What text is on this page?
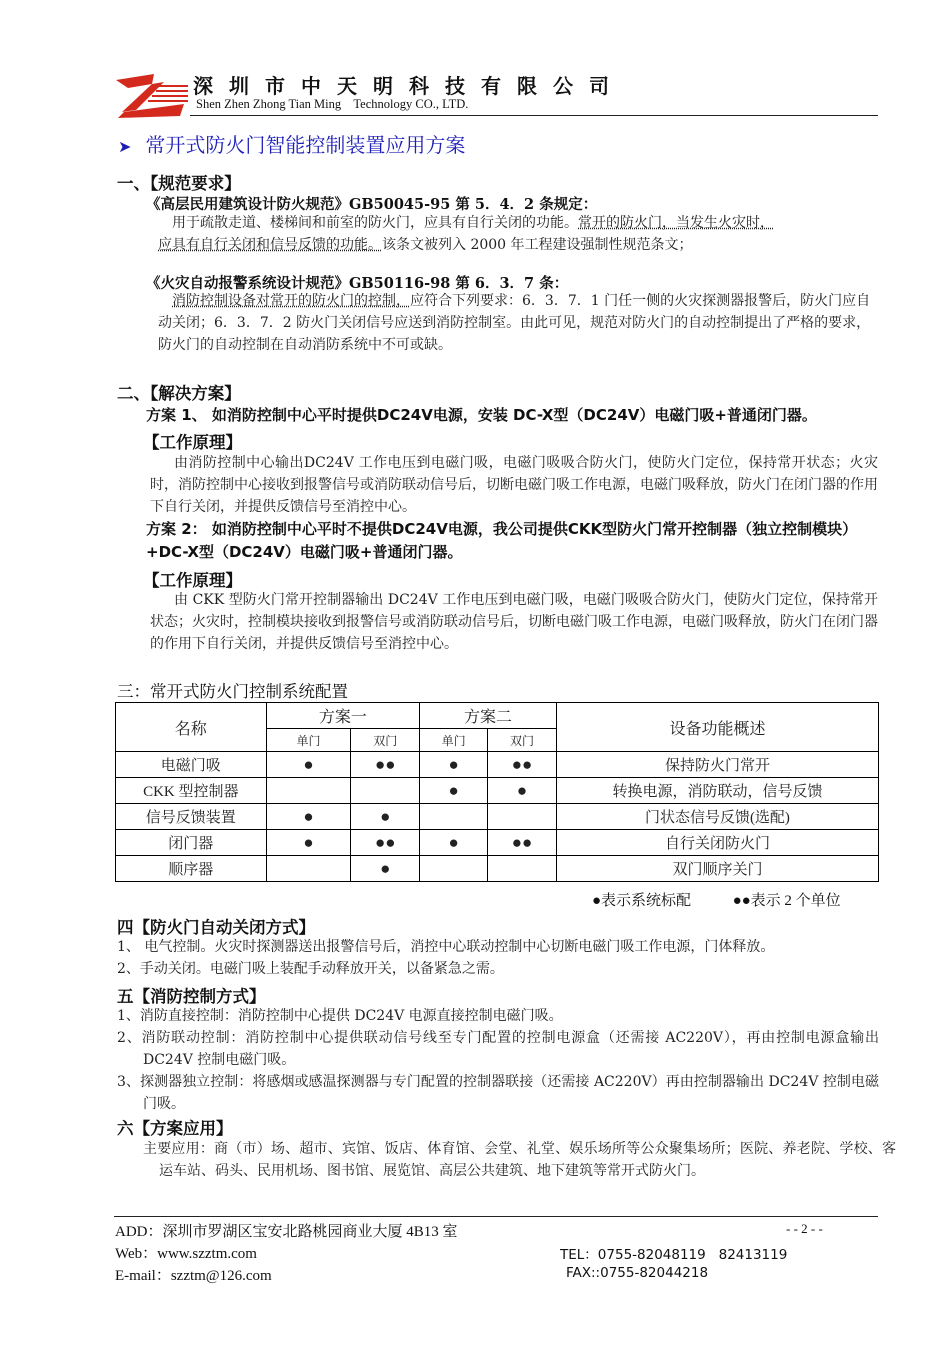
深圳市中天明科技有限公司
Shen Zhen Zhong Tian Ming    Technology CO., LTD.
➤ 常开式防火门智能控制装置应用方案
一、【规范要求】
《高层民用建筑设计防火规范》GB50045-95 第 5．4．2 条规定：
用于疏散走道、楼梯间和前室的防火门，应具有自行关闭的功能。常开的防火门，当发生火灾时，
应具有自行关闭和信号反馈的功能。该条文被列入 2000 年工程建设强制性规范条文；
《火灾自动报警系统设计规范》GB50116-98 第 6．3．7 条：
消防控制设备对常开的防火门的控制，应符合下列要求：6．3．7．1 门任一侧的火灾探测器报警后，防火门应自动关闭；6．3．7．2 防火门关闭信号应送到消防控制室。由此可见，规范对防火门的自动控制提出了严格的要求，防火门的自动控制在自动消防系统中不可或缺。
二、【解决方案】
方案 1、 如消防控制中心平时提供DC24V电源，安装 DC-X型（DC24V）电磁门吸+普通闭门器。
【工作原理】
由消防控制中心输出DC24V 工作电压到电磁门吸，电磁门吸吸合防火门，使防火门定位，保持常开状态；火灾时，消防控制中心接收到报警信号或消防联动信号后，切断电磁门吸工作电源，电磁门吸释放，防火门在闭门器的作用下自行关闭，并提供反馈信号至消控中心。
方案 2： 如消防控制中心平时不提供DC24V电源，我公司提供CKK型防火门常开控制器（独立控制模块）+DC-X型（DC24V）电磁门吸+普通闭门器。
【工作原理】
由 CKK 型防火门常开控制器输出 DC24V 工作电压到电磁门吸，电磁门吸吸合防火门，使防火门定位，保持常开状态；火灾时，控制模块接收到报警信号或消防联动信号后，切断电磁门吸工作电源，电磁门吸释放，防火门在闭门器的作用下自行关闭，并提供反馈信号至消控中心。
三：常开式防火门控制系统配置
名称	方案一		方案二		设备功能概述
	单门	双门	单门	双门	
电磁门吸	●	●●	●	●●	保持防火门常开
CKK 型控制器			●	●	转换电源，消防联动，信号反馈
信号反馈装置	●	●			门状态信号反馈(选配)
闭门器	●	●●	●	●●	自行关闭防火门
顺序器		●			双门顺序关门
●表示系统标配	●●表示 2 个单位
四【防火门自动关闭方式】
1、 电气控制。火灾时探测器送出报警信号后，消控中心联动控制中心切断电磁门吸工作电源，门体释放。
2、手动关闭。电磁门吸上装配手动释放开关，以备紧急之需。
五【消防控制方式】
1、消防直接控制：消防控制中心提供 DC24V 电源直接控制电磁门吸。
2、消防联动控制：消防控制中心提供联动信号线至专门配置的控制电源盒（还需接 AC220V），再由控制电源盒输出 DC24V 控制电磁门吸。
3、探测器独立控制：将感烟或感温探测器与专门配置的控制器联接（还需接 AC220V）再由控制器输出 DC24V 控制电磁门吸。
六【方案应用】
主要应用：商（市）场、超市、宾馆、饭店、体育馆、会堂、礼堂、娱乐场所等公众聚集场所；医院、养老院、学校、客运车站、码头、民用机场、图书馆、展览馆、高层公共建筑、地下建筑等常开式防火门。
ADD：深圳市罗湖区宝安北路桃园商业大厦 4B13 室	- - 2 - -
Web：www.szztm.com	TEL：0755-82048119   82413119
E-mail：szztm@126.com	FAX::0755-82044218
